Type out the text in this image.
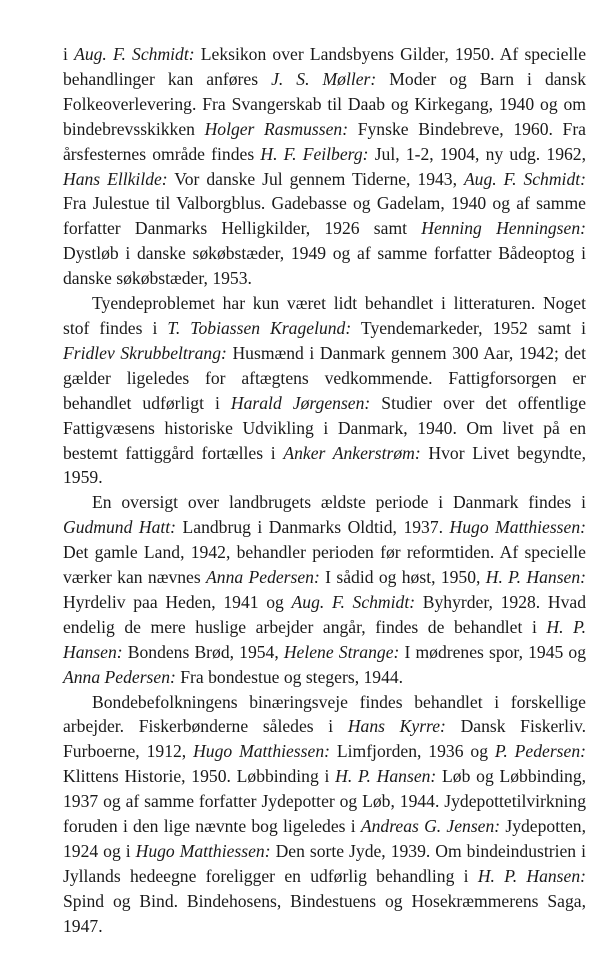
i Aug. F. Schmidt: Leksikon over Landsbyens Gilder, 1950. Af specielle behandlinger kan anføres J. S. Møller: Moder og Barn i dansk Folkeoverlevering. Fra Svangerskab til Daab og Kirkegang, 1940 og om bindebrevsskikken Holger Rasmussen: Fynske Bindebreve, 1960. Fra årsfesternes område findes H. F. Feilberg: Jul, 1-2, 1904, ny udg. 1962, Hans Ellkilde: Vor danske Jul gennem Tiderne, 1943, Aug. F. Schmidt: Fra Julestue til Valborgblus. Gadebasse og Gadelam, 1940 og af samme forfatter Danmarks Helligkilder, 1926 samt Henning Henningsen: Dystløb i danske søkøbstæder, 1949 og af samme forfatter Bådeoptog i danske søkøbstæder, 1953.

Tyendeproblemet har kun været lidt behandlet i litteraturen. Noget stof findes i T. Tobiassen Kragelund: Tyendemarkeder, 1952 samt i Fridlev Skrubbeltrang: Husmænd i Danmark gennem 300 Aar, 1942; det gælder ligeledes for aftægtens vedkommende. Fattigforsorgen er behandlet udførligt i Harald Jørgensen: Studier over det offentlige Fattigvæsens historiske Udvikling i Danmark, 1940. Om livet på en bestemt fattiggård fortælles i Anker Ankerstrøm: Hvor Livet begyndte, 1959.

En oversigt over landbrugets ældste periode i Danmark findes i Gudmund Hatt: Landbrug i Danmarks Oldtid, 1937. Hugo Matthiessen: Det gamle Land, 1942, behandler perioden før reformtiden. Af specielle værker kan nævnes Anna Pedersen: I sådid og høst, 1950, H. P. Hansen: Hyrdeliv paa Heden, 1941 og Aug. F. Schmidt: Byhyrder, 1928. Hvad endelig de mere huslige arbejder angår, findes de behandlet i H. P. Hansen: Bondens Brød, 1954, Helene Strange: I mødrenes spor, 1945 og Anna Pedersen: Fra bondestue og stegers, 1944.

Bondebefolkningens binæringsveje findes behandlet i forskellige arbejder. Fiskerbønderne således i Hans Kyrre: Dansk Fiskerliv. Furboerne, 1912, Hugo Matthiessen: Limfjorden, 1936 og P. Pedersen: Klittens Historie, 1950. Løbbinding i H. P. Hansen: Løb og Løbbinding, 1937 og af samme forfatter Jydepotter og Løb, 1944. Jydepottetilvirkning foruden i den lige nævnte bog ligeledes i Andreas G. Jensen: Jydepotten, 1924 og i Hugo Matthiessen: Den sorte Jyde, 1939. Om bindeindustrien i Jyllands hedeegne foreligger en udførlig behandling i H. P. Hansen: Spind og Bind. Bindehosens, Bindestuens og Hosekræmmerens Saga, 1947.
